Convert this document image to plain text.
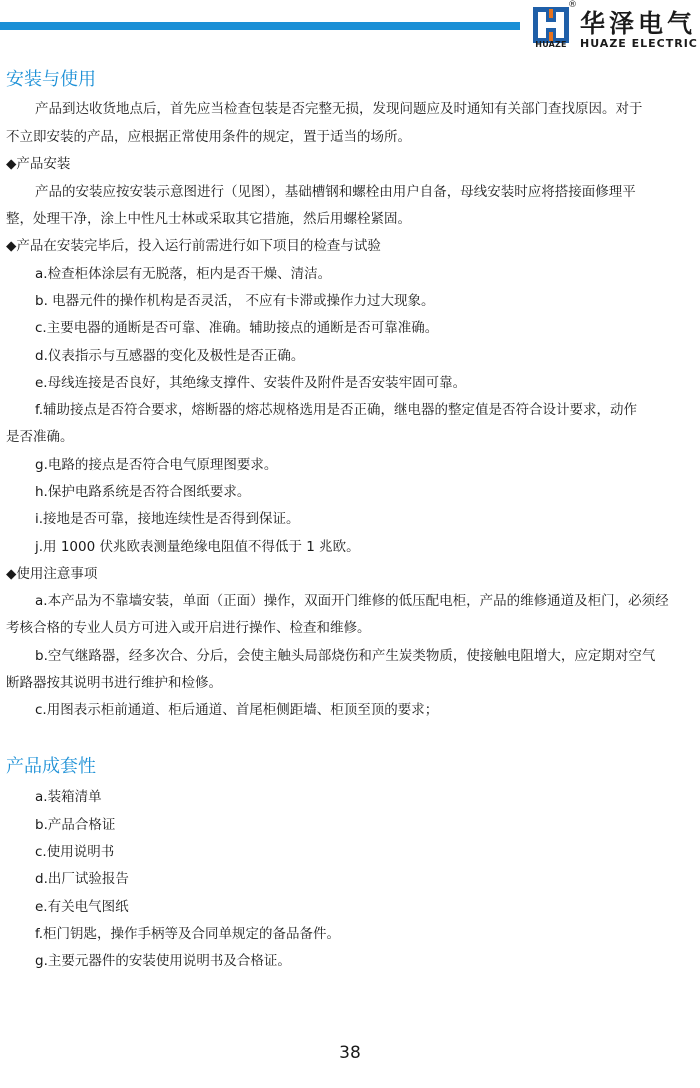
®
HUAZE
华泽电气
HUAZE ELECTRIC
安装与使用
产品到达收货地点后，首先应当检查包装是否完整无损，发现问题应及时通知有关部门查找原因。对于
不立即安装的产品，应根据正常使用条件的规定，置于适当的场所。
◆产品安装
产品的安装应按安装示意图进行（见图），基础槽钢和螺栓由用户自备，母线安装时应将搭接面修理平
整，处理干净，涂上中性凡士林或采取其它措施，然后用螺栓紧固。
◆产品在安装完毕后，投入运行前需进行如下项目的检查与试验
a.检查柜体涂层有无脱落，柜内是否干燥、清洁。
b. 电器元件的操作机构是否灵活， 不应有卡滞或操作力过大现象。
c.主要电器的通断是否可靠、准确。辅助接点的通断是否可靠准确。
d.仪表指示与互感器的变化及极性是否正确。
e.母线连接是否良好，其绝缘支撑件、安装件及附件是否安装牢固可靠。
f.辅助接点是否符合要求，熔断器的熔芯规格选用是否正确，继电器的整定值是否符合设计要求，动作
是否准确。
g.电路的接点是否符合电气原理图要求。
h.保护电路系统是否符合图纸要求。
i.接地是否可靠，接地连续性是否得到保证。
j.用 1000 伏兆欧表测量绝缘电阻值不得低于 1 兆欧。
◆使用注意事项
a.本产品为不靠墙安装，单面（正面）操作，双面开门维修的低压配电柜，产品的维修通道及柜门，必须经
考核合格的专业人员方可进入或开启进行操作、检查和维修。
b.空气继路器，经多次合、分后，会使主触头局部烧伤和产生炭类物质，使接触电阻增大，应定期对空气
断路器按其说明书进行维护和检修。
c.用图表示柜前通道、柜后通道、首尾柜侧距墙、柜顶至顶的要求；
产品成套性
a.装箱清单
b.产品合格证
c.使用说明书
d.出厂试验报告
e.有关电气图纸
f.柜门钥匙，操作手柄等及合同单规定的备品备件。
g.主要元器件的安装使用说明书及合格证。
38
